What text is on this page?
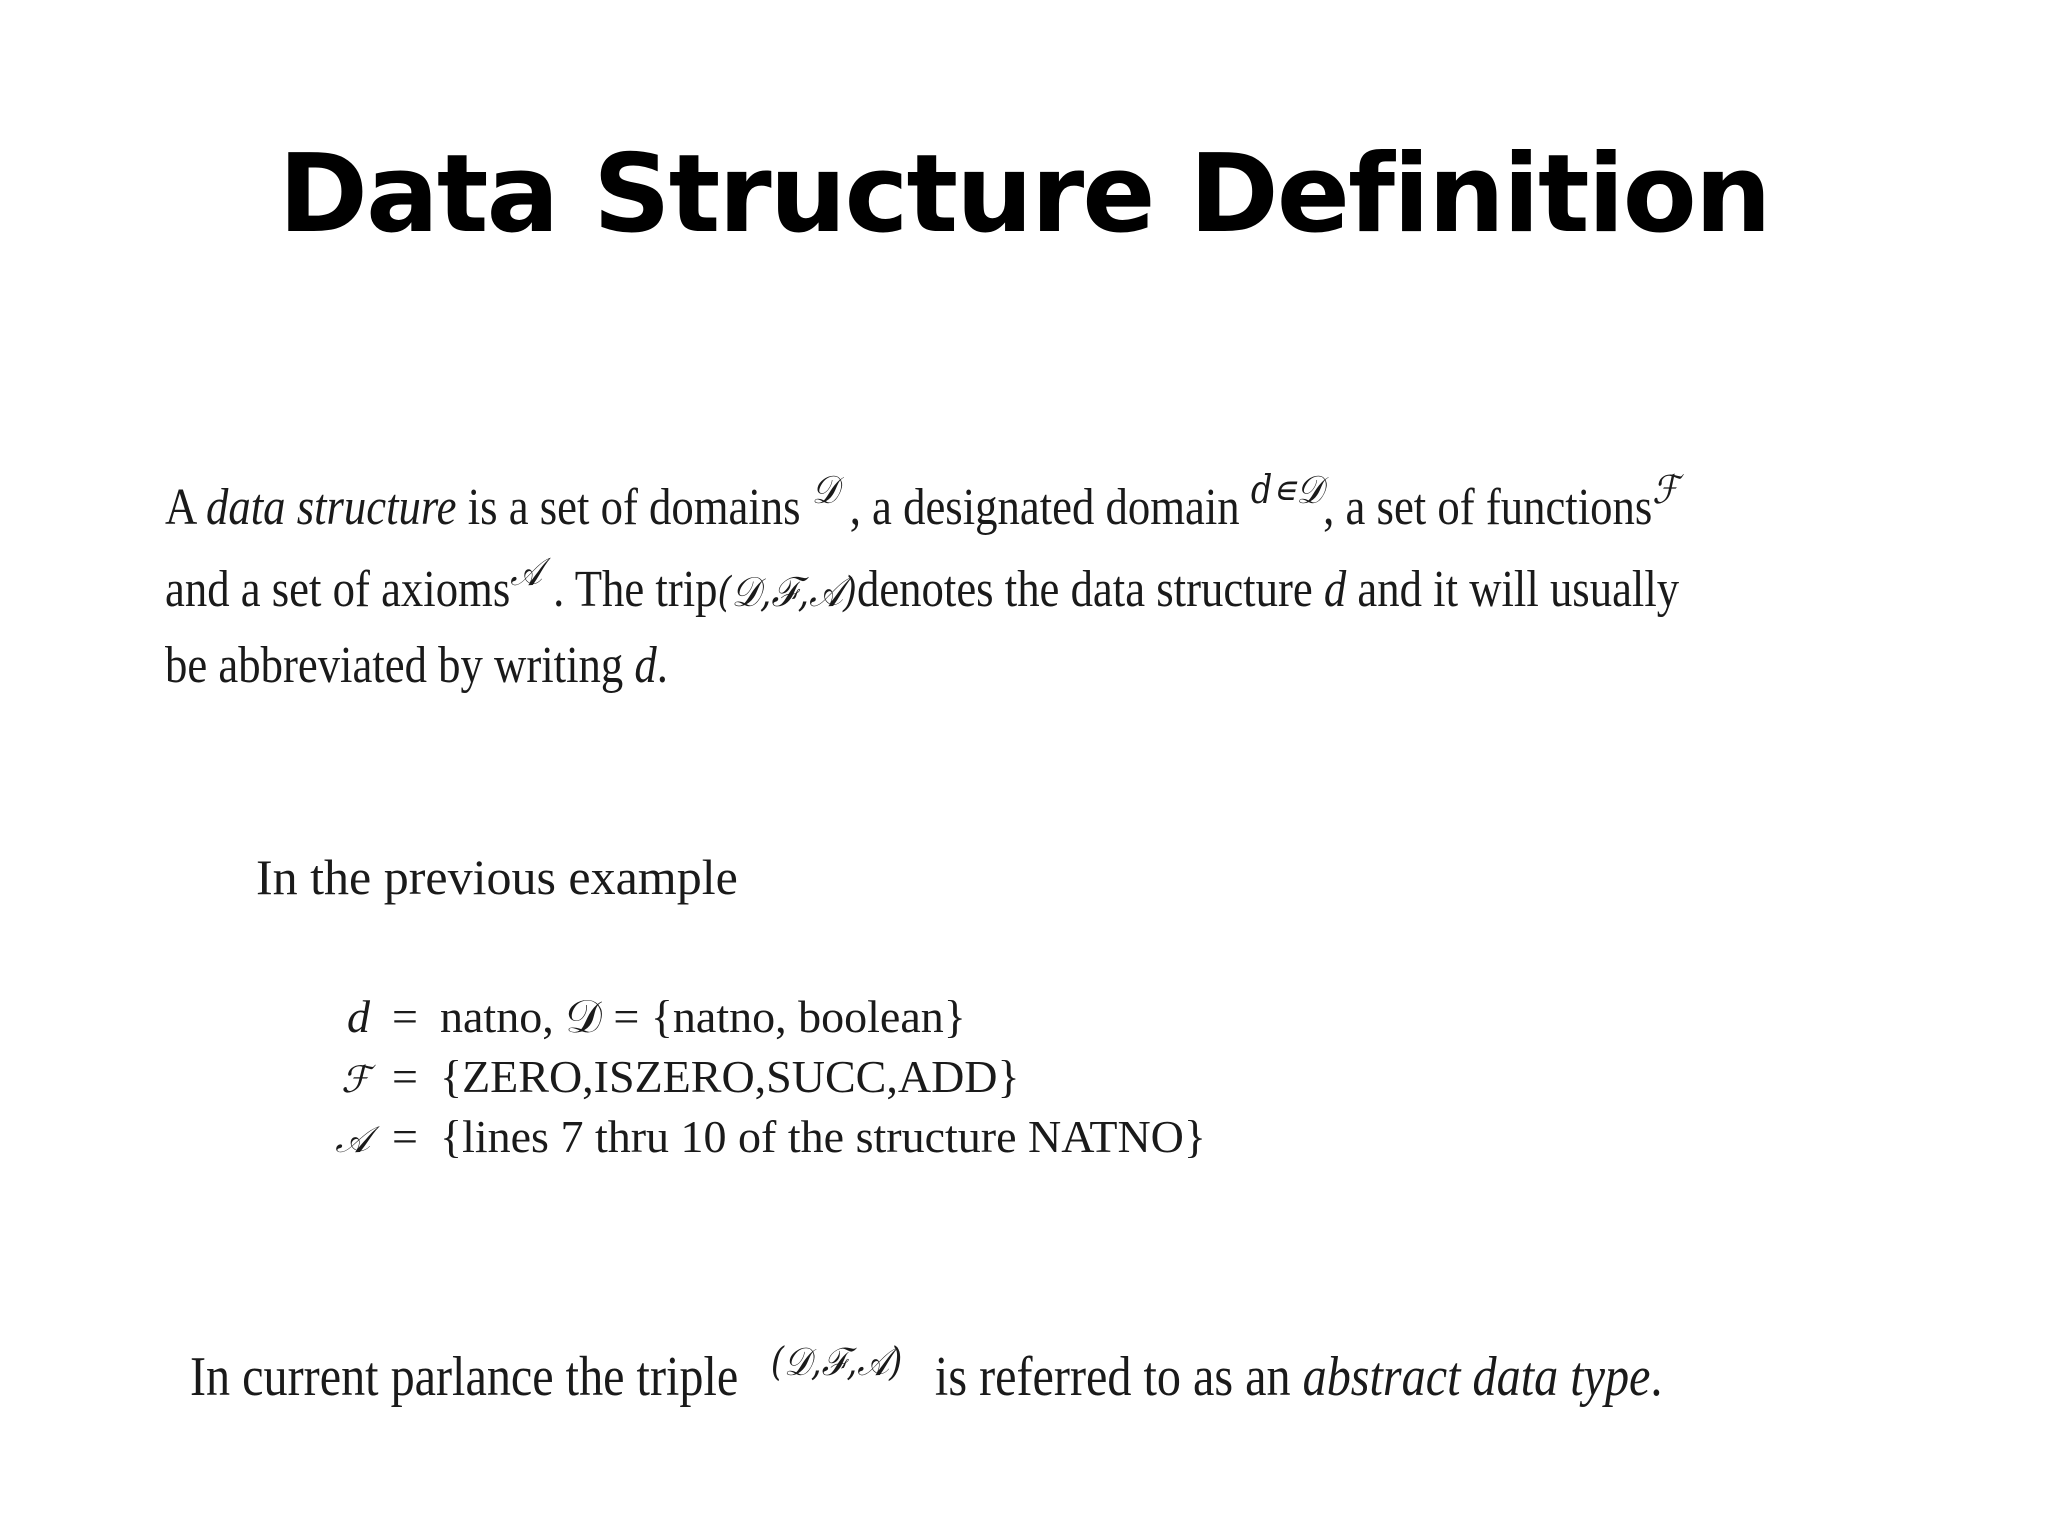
Data Structure Definition
A data structure is a set of domains $^𝒟$ , a designated domain $^{d∊𝒟}$, a set of functions$^ℱ$
and a set of axioms$^𝒜$ . The trip(𝒟,ℱ,𝒜)denotes the data structure d and it will usually
be abbreviated by writing d.
In the previous example
d = natno, 𝒟 = {natno, boolean}
ℱ = {ZERO,ISZERO,SUCC,ADD}
𝒜 = {lines 7 thru 10 of the structure NATNO}
In current parlance the triple $^{(𝒟,ℱ,𝒜)}$ is referred to as an abstract data type.
